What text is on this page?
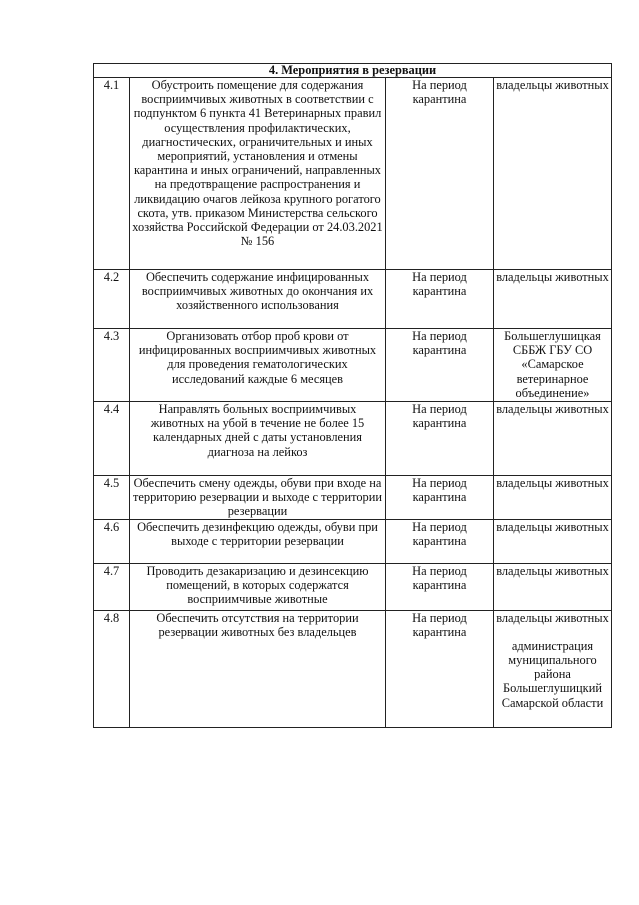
4. Мероприятия в резервации			
4.1	Обустроить помещение для содержания восприимчивых животных в соответствии с подпунктом 6 пункта 41 Ветеринарных правил осуществления профилактических, диагностических, ограничительных и иных мероприятий, установления и отмены карантина и иных ограничений, направленных на предотвращение распространения и ликвидацию очагов лейкоза крупного рогатого скота, утв. приказом Министерства сельского хозяйства Российской Федерации от 24.03.2021 № 156	На период карантина	владельцы животных
4.2	Обеспечить содержание инфицированных восприимчивых животных до окончания их хозяйственного использования	На период карантина	владельцы животных
4.3	Организовать отбор проб крови от инфицированных восприимчивых животных для проведения гематологических исследований каждые 6 месяцев	На период карантина	Большеглушицкая СББЖ ГБУ СО «Самарское ветеринарное объединение»
4.4	Направлять больных восприимчивых животных на убой в течение не более 15 календарных дней с даты установления диагноза на лейкоз	На период карантина	владельцы животных
4.5	Обеспечить смену одежды, обуви при входе на территорию резервации и выходе с территории резервации	На период карантина	владельцы животных
4.6	Обеспечить дезинфекцию одежды, обуви при выходе с территории резервации	На период карантина	владельцы животных
4.7	Проводить дезакаризацию и дезинсекцию помещений, в которых содержатся восприимчивые животные	На период карантина	владельцы животных
4.8	Обеспечить отсутствия на территории резервации животных без владельцев	На период карантина	владельцы животных
администрация муниципального района Большеглушицкий Самарской области
